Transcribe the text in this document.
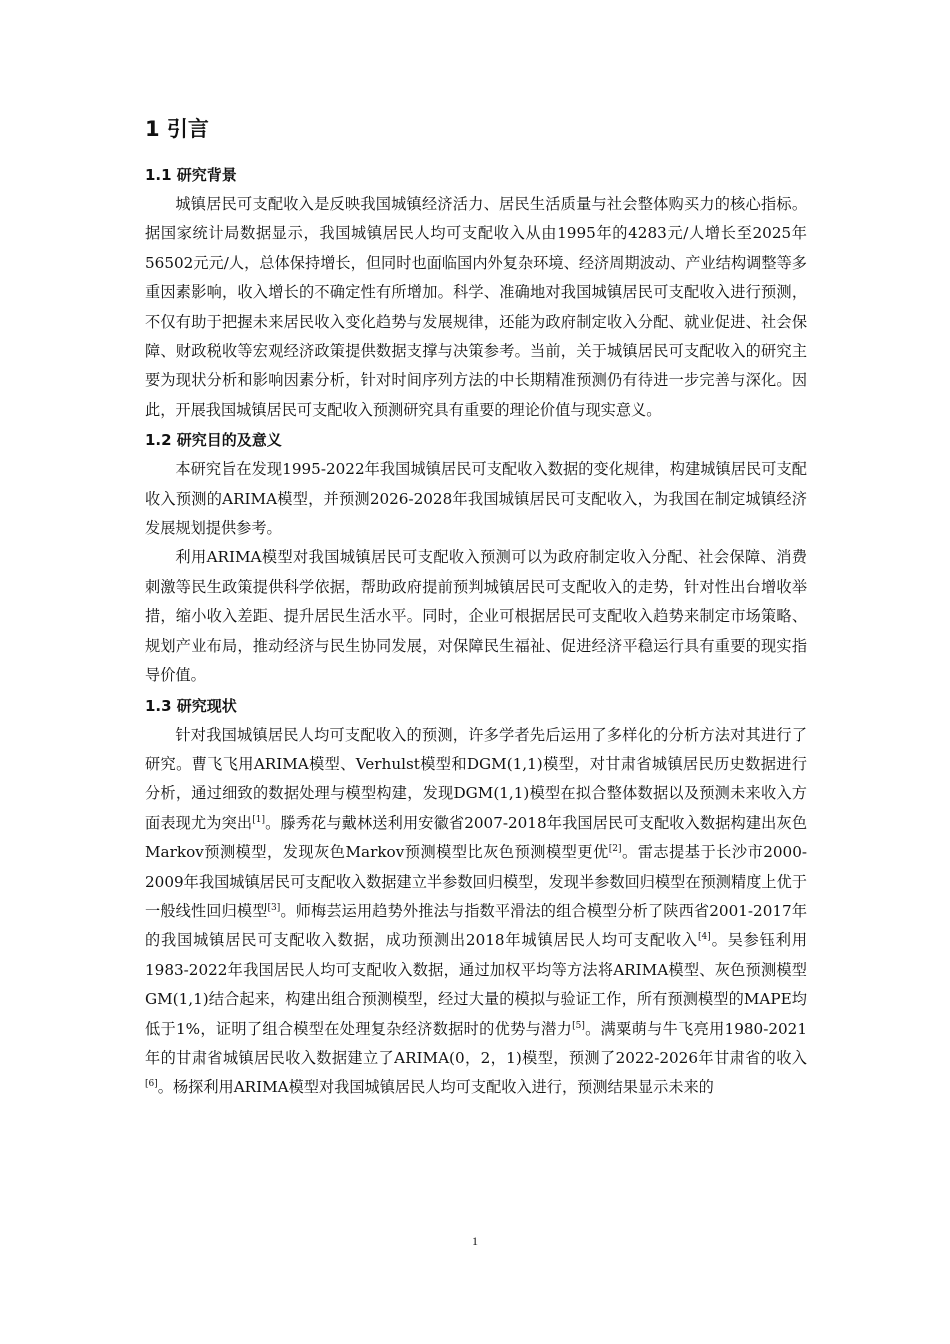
1 引言
1.1 研究背景

城镇居民可支配收入是反映我国城镇经济活力、居民生活质量与社会整体购买力的核心指标。据国家统计局数据显示，我国城镇居民人均可支配收入从由1995年的4283元/人增长至2025年56502元元/人，总体保持增长，但同时也面临国内外复杂环境、经济周期波动、产业结构调整等多重因素影响，收入增长的不确定性有所增加。科学、准确地对我国城镇居民可支配收入进行预测，不仅有助于把握未来居民收入变化趋势与发展规律，还能为政府制定收入分配、就业促进、社会保障、财政税收等宏观经济政策提供数据支撑与决策参考。当前，关于城镇居民可支配收入的研究主要为现状分析和影响因素分析，针对时间序列方法的中长期精准预测仍有待进一步完善与深化。因此，开展我国城镇居民可支配收入预测研究具有重要的理论价值与现实意义。

1.2 研究目的及意义

本研究旨在发现1995-2022年我国城镇居民可支配收入数据的变化规律，构建城镇居民可支配收入预测的ARIMA模型，并预测2026-2028年我国城镇居民可支配收入，为我国在制定城镇经济发展规划提供参考。

利用ARIMA模型对我国城镇居民可支配收入预测可以为政府制定收入分配、社会保障、消费刺激等民生政策提供科学依据，帮助政府提前预判城镇居民可支配收入的走势，针对性出台增收举措，缩小收入差距、提升居民生活水平。同时，企业可根据居民可支配收入趋势来制定市场策略、规划产业布局，推动经济与民生协同发展，对保障民生福祉、促进经济平稳运行具有重要的现实指导价值。

1.3 研究现状

针对我国城镇居民人均可支配收入的预测，许多学者先后运用了多样化的分析方法对其进行了研究。曹飞飞用ARIMA模型、Verhulst模型和DGM(1,1)模型，对甘肃省城镇居民历史数据进行分析，通过细致的数据处理与模型构建，发现DGM(1,1)模型在拟合整体数据以及预测未来收入方面表现尤为突出[1]。滕秀花与戴林送利用安徽省2007-2018年我国居民可支配收入数据构建出灰色Markov预测模型，发现灰色Markov预测模型比灰色预测模型更优[2]。雷志提基于长沙市2000-2009年我国城镇居民可支配收入数据建立半参数回归模型，发现半参数回归模型在预测精度上优于一般线性回归模型[3]。师梅芸运用趋势外推法与指数平滑法的组合模型分析了陕西省2001-2017年的我国城镇居民可支配收入数据，成功预测出2018年城镇居民人均可支配收入[4]。吴参钰利用1983-2022年我国居民人均可支配收入数据，通过加权平均等方法将ARIMA模型、灰色预测模型GM(1,1)结合起来，构建出组合预测模型，经过大量的模拟与验证工作，所有预测模型的MAPE均低于1%，证明了组合模型在处理复杂经济数据时的优势与潜力[5]。满粟萌与牛飞亮用1980-2021年的甘肃省城镇居民收入数据建立了ARIMA(0，2，1)模型，预测了2022-2026年甘肃省的收入[6]。杨探利用ARIMA模型对我国城镇居民人均可支配收入进行，预测结果显示未来的

1
